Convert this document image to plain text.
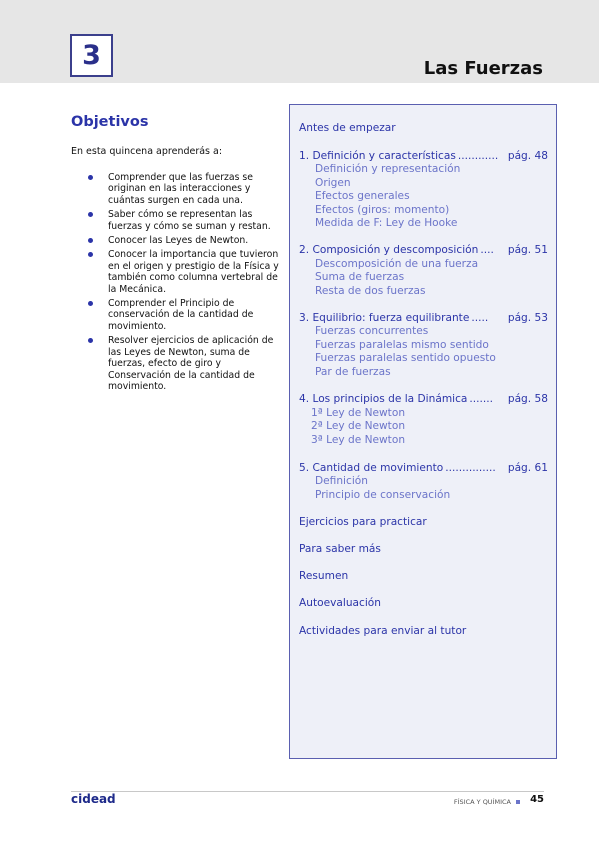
3	Las Fuerzas
Objetivos
En esta quincena aprenderás a:
Comprender que las fuerzas se originan en las interacciones y cuántas surgen en cada una.
Saber cómo se representan las fuerzas y cómo se suman y restan.
Conocer las Leyes de Newton.
Conocer la importancia que tuvieron en el origen y prestigio de la Física y también como columna vertebral de la Mecánica.
Comprender el Principio de conservación de la cantidad de movimiento.
Resolver ejercicios de aplicación de las Leyes de Newton, suma de fuerzas, efecto de giro y Conservación de la cantidad de movimiento.
Antes de empezar
1. Definición y características ............ pág. 48
Definición y representación
Origen
Efectos generales
Efectos (giros: momento)
Medida de F: Ley de Hooke
2. Composición y descomposición ....	pág. 51
Descomposición de una fuerza
Suma de fuerzas
Resta de dos fuerzas
3. Equilibrio: fuerza equilibrante .....	pág. 53
Fuerzas concurrentes
Fuerzas paralelas mismo sentido
Fuerzas paralelas sentido opuesto
Par de fuerzas
4. Los principios de la Dinámica .......	pág. 58
1ª Ley de Newton
2ª Ley de Newton
3ª Ley de Newton
5. Cantidad de movimiento ...............	pág. 61
Definición
Principio de conservación
Ejercicios para practicar
Para saber más
Resumen
Autoevaluación
Actividades para enviar al tutor
cidead	FÍSICA Y QUÍMICA 45
